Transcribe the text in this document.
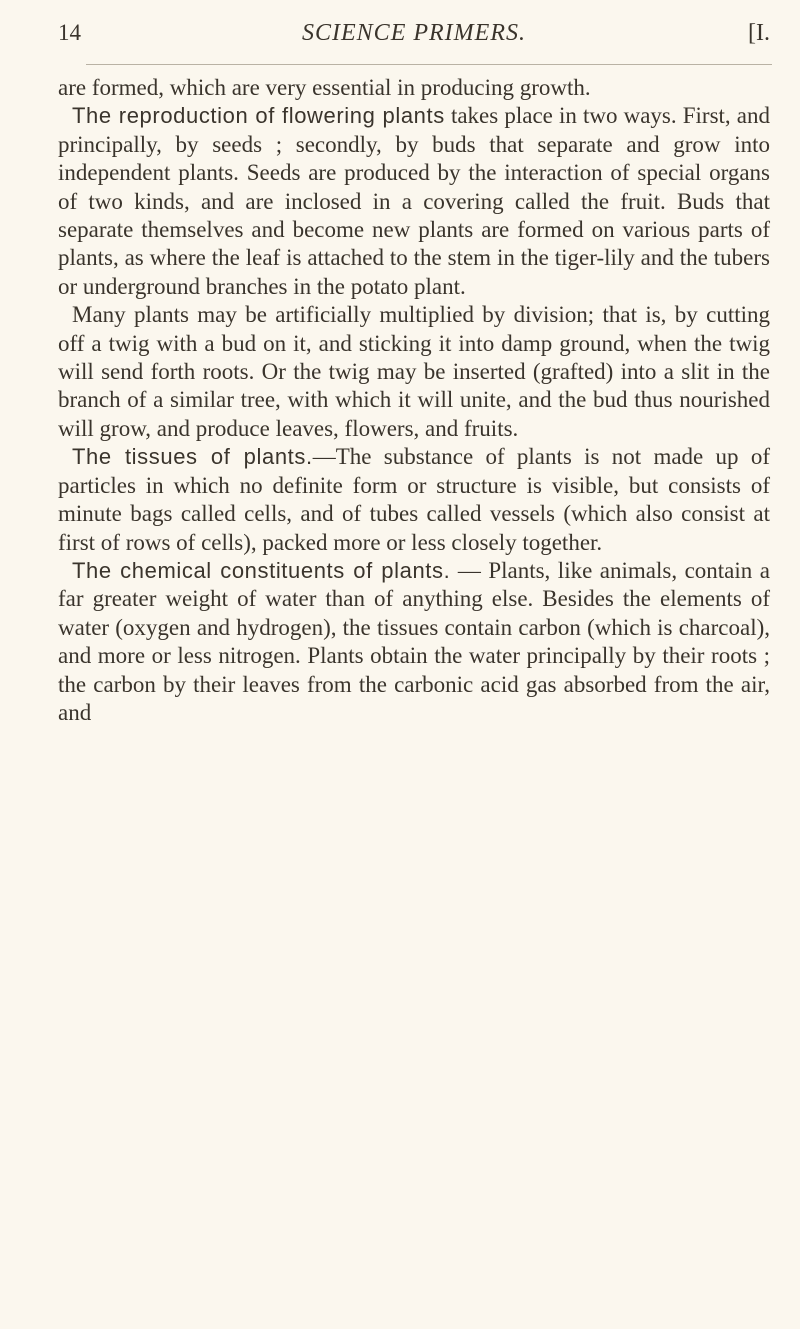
14	SCIENCE PRIMERS.	[I.

are formed, which are very essential in producing growth.

The reproduction of flowering plants takes place in two ways. First, and principally, by seeds ; secondly, by buds that separate and grow into independent plants. Seeds are produced by the interaction of special organs of two kinds, and are inclosed in a covering called the fruit. Buds that separate themselves and become new plants are formed on various parts of plants, as where the leaf is attached to the stem in the tiger-lily and the tubers or underground branches in the potato plant.

Many plants may be artificially multiplied by division; that is, by cutting off a twig with a bud on it, and sticking it into damp ground, when the twig will send forth roots. Or the twig may be inserted (grafted) into a slit in the branch of a similar tree, with which it will unite, and the bud thus nourished will grow, and produce leaves, flowers, and fruits.

The tissues of plants.—The substance of plants is not made up of particles in which no definite form or structure is visible, but consists of minute bags called cells, and of tubes called vessels (which also consist at first of rows of cells), packed more or less closely together.

The chemical constituents of plants. — Plants, like animals, contain a far greater weight of water than of anything else. Besides the elements of water (oxygen and hydrogen), the tissues contain carbon (which is charcoal), and more or less nitrogen. Plants obtain the water principally by their roots ; the carbon by their leaves from the carbonic acid gas absorbed from the air, and
